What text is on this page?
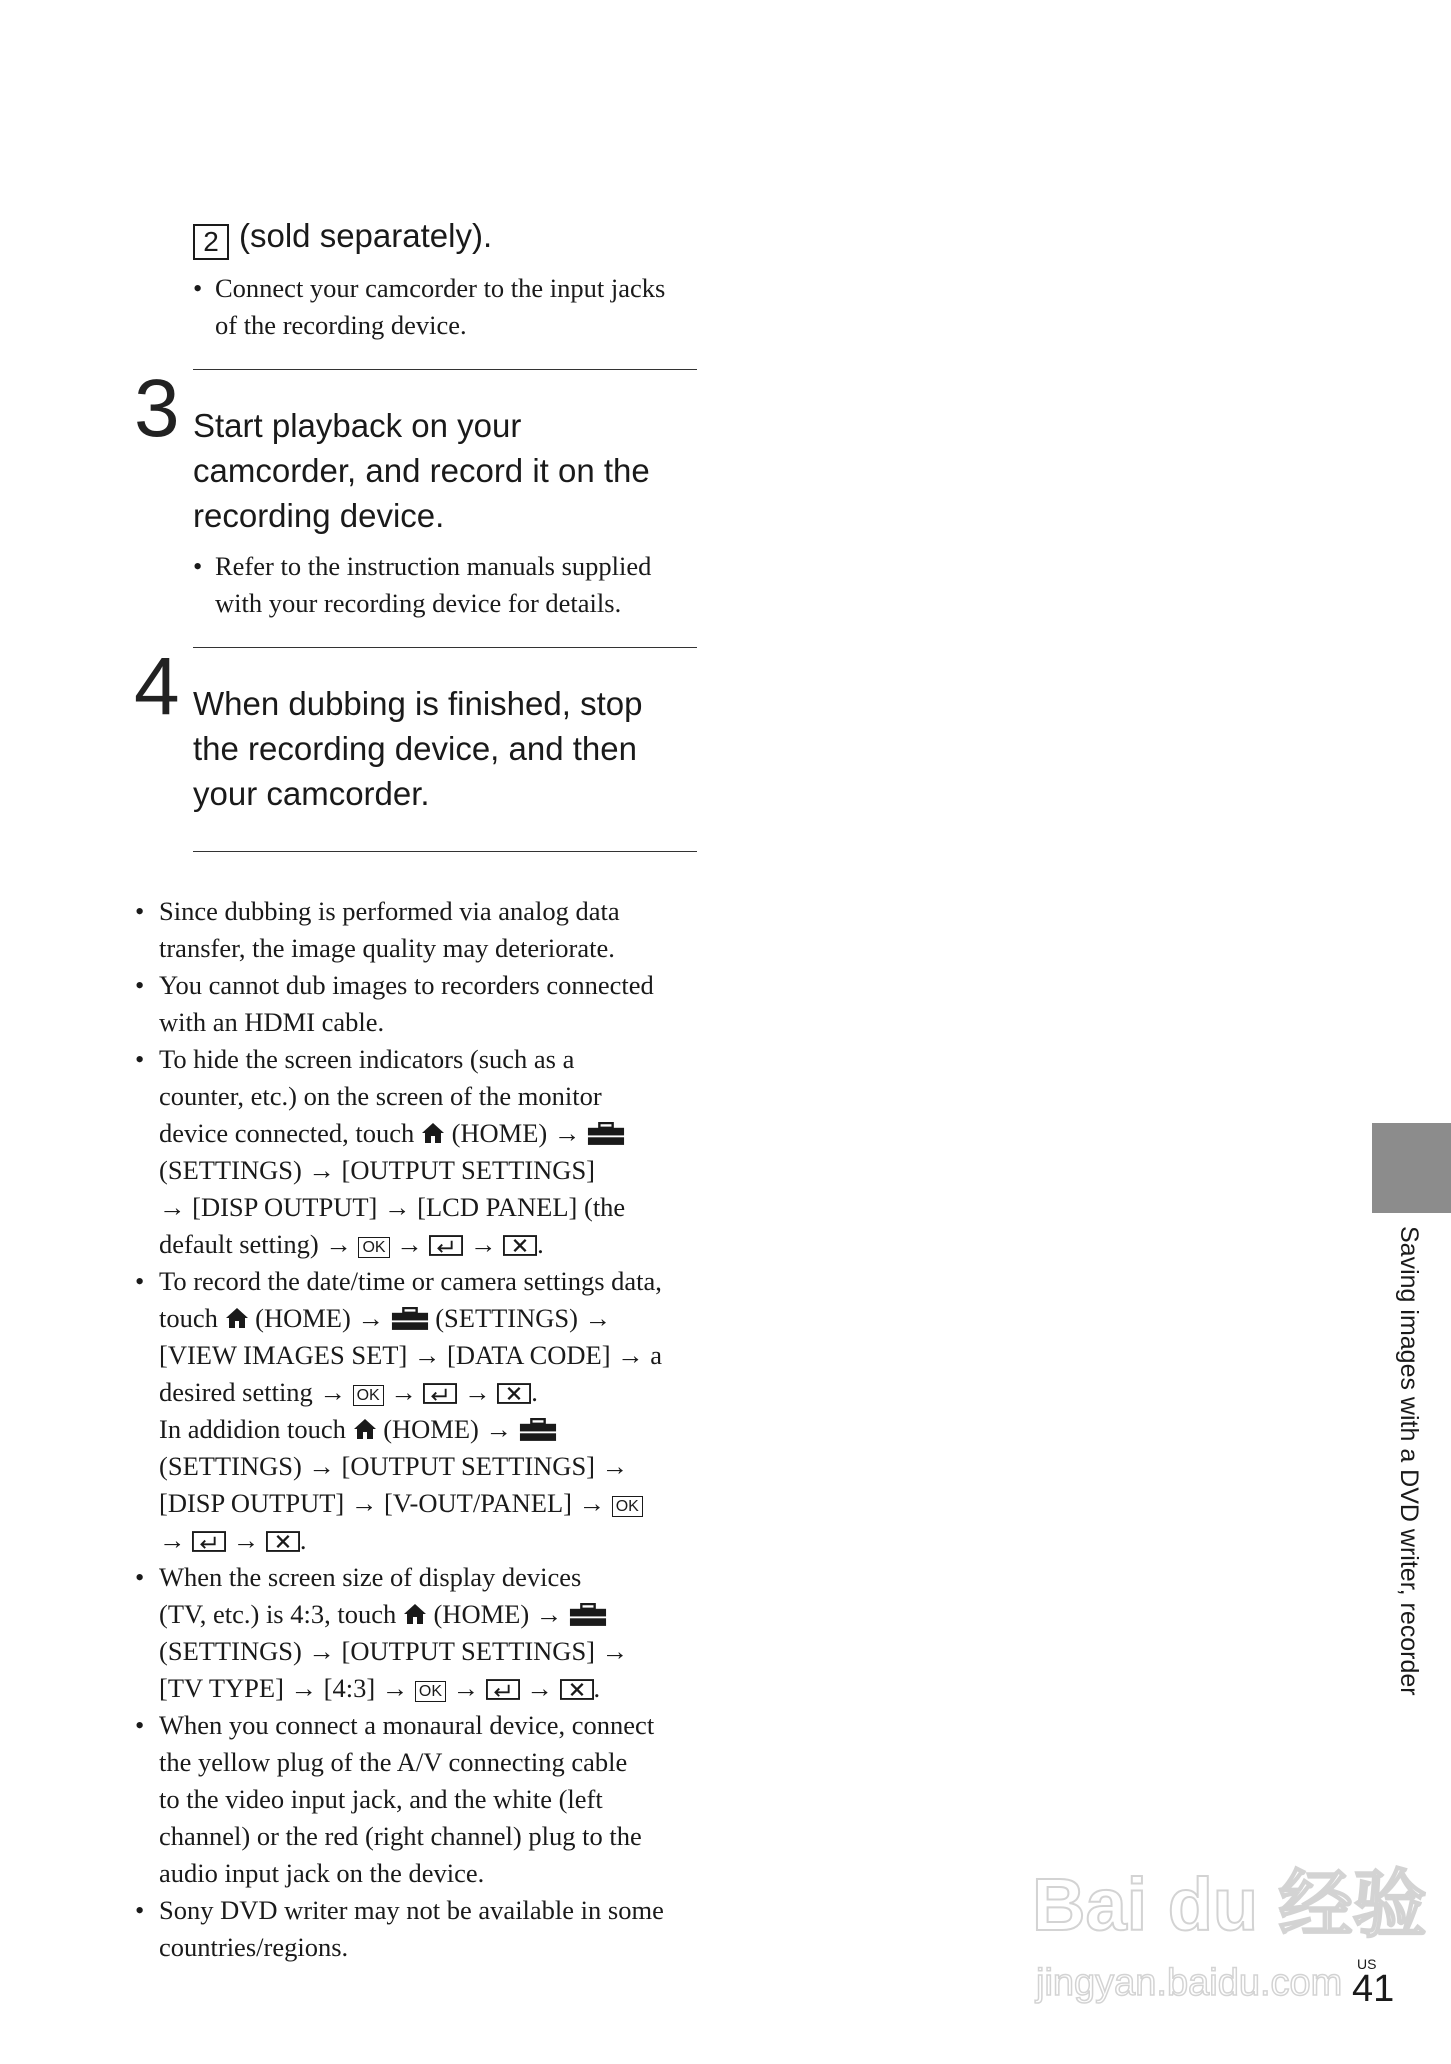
2 (sold separately).
• Connect your camcorder to the input jacks
of the recording device.
3 Start playback on your
camcorder, and record it on the
recording device.
• Refer to the instruction manuals supplied
with your recording device for details.
4 When dubbing is finished, stop
the recording device, and then
your camcorder.
• Since dubbing is performed via analog data
transfer, the image quality may deteriorate.
• You cannot dub images to recorders connected
with an HDMI cable.
• To hide the screen indicators (such as a
counter, etc.) on the screen of the monitor
device connected, touch (HOME) →
(SETTINGS) → [OUTPUT SETTINGS]
→ [DISP OUTPUT] → [LCD PANEL] (the
default setting) → OK → → .
• To record the date/time or camera settings data,
touch (HOME) → (SETTINGS) →
[VIEW IMAGES SET] → [DATA CODE] → a
desired setting → OK → → .
In addidion touch (HOME) →
(SETTINGS) → [OUTPUT SETTINGS] →
[DISP OUTPUT] → [V-OUT/PANEL] → OK
→ → .
• When the screen size of display devices
(TV, etc.) is 4:3, touch (HOME) →
(SETTINGS) → [OUTPUT SETTINGS] →
[TV TYPE] → [4:3] → OK → → .
• When you connect a monaural device, connect
the yellow plug of the A/V connecting cable
to the video input jack, and the white (left
channel) or the red (right channel) plug to the
audio input jack on the device.
• Sony DVD writer may not be available in some
countries/regions.
Saving images with a DVD writer, recorder
Bai du 经验
jingyan.baidu.com US
41
